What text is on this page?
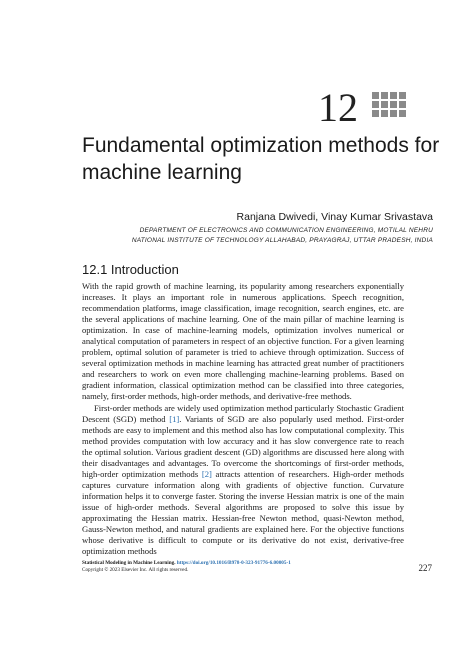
12
Fundamental optimization methods for machine learning
Ranjana Dwivedi, Vinay Kumar Srivastava
DEPARTMENT OF ELECTRONICS AND COMMUNICATION ENGINEERING, MOTILAL NEHRU
NATIONAL INSTITUTE OF TECHNOLOGY ALLAHABAD, PRAYAGRAJ, UTTAR PRADESH, INDIA
12.1 Introduction

With the rapid growth of machine learning, its popularity among researchers exponentially increases. It plays an important role in numerous applications. Speech recognition, recommendation platforms, image classification, image recognition, search engines, etc. are the several applications of machine learning. One of the main pillar of machine learning is optimization. In case of machine-learning models, optimization involves numerical or analytical computation of parameters in respect of an objective function. For a given learning problem, optimal solution of parameter is tried to achieve through optimization. Success of several optimization methods in machine learning has attracted great number of practitioners and researchers to work on even more challenging machine-learning problems. Based on gradient information, classical optimization method can be classified into three categories, namely, first-order methods, high-order methods, and derivative-free methods.

First-order methods are widely used optimization method particularly Stochastic Gradient Descent (SGD) method [1]. Variants of SGD are also popularly used method. First-order methods are easy to implement and this method also has low computational complexity. This method provides computation with low accuracy and it has slow convergence rate to reach the optimal solution. Various gradient descent (GD) algorithms are discussed here along with their disadvantages and advantages. To overcome the shortcomings of first-order methods, high-order optimization methods [2] attracts attention of researchers. High-order methods captures curvature information along with gradients of objective function. Curvature information helps it to converge faster. Storing the inverse Hessian matrix is one of the main issue of high-order methods. Several algorithms are proposed to solve this issue by approximating the Hessian matrix. Hessian-free Newton method, quasi-Newton method, Gauss-Newton method, and natural gradients are explained here. For the objective functions whose derivative is difficult to compute or its derivative do not exist, derivative-free optimization methods

Statistical Modeling in Machine Learning. https://doi.org/10.1016/B978-0-323-91776-6.00005-1
Copyright © 2023 Elsevier Inc. All rights reserved.	227
